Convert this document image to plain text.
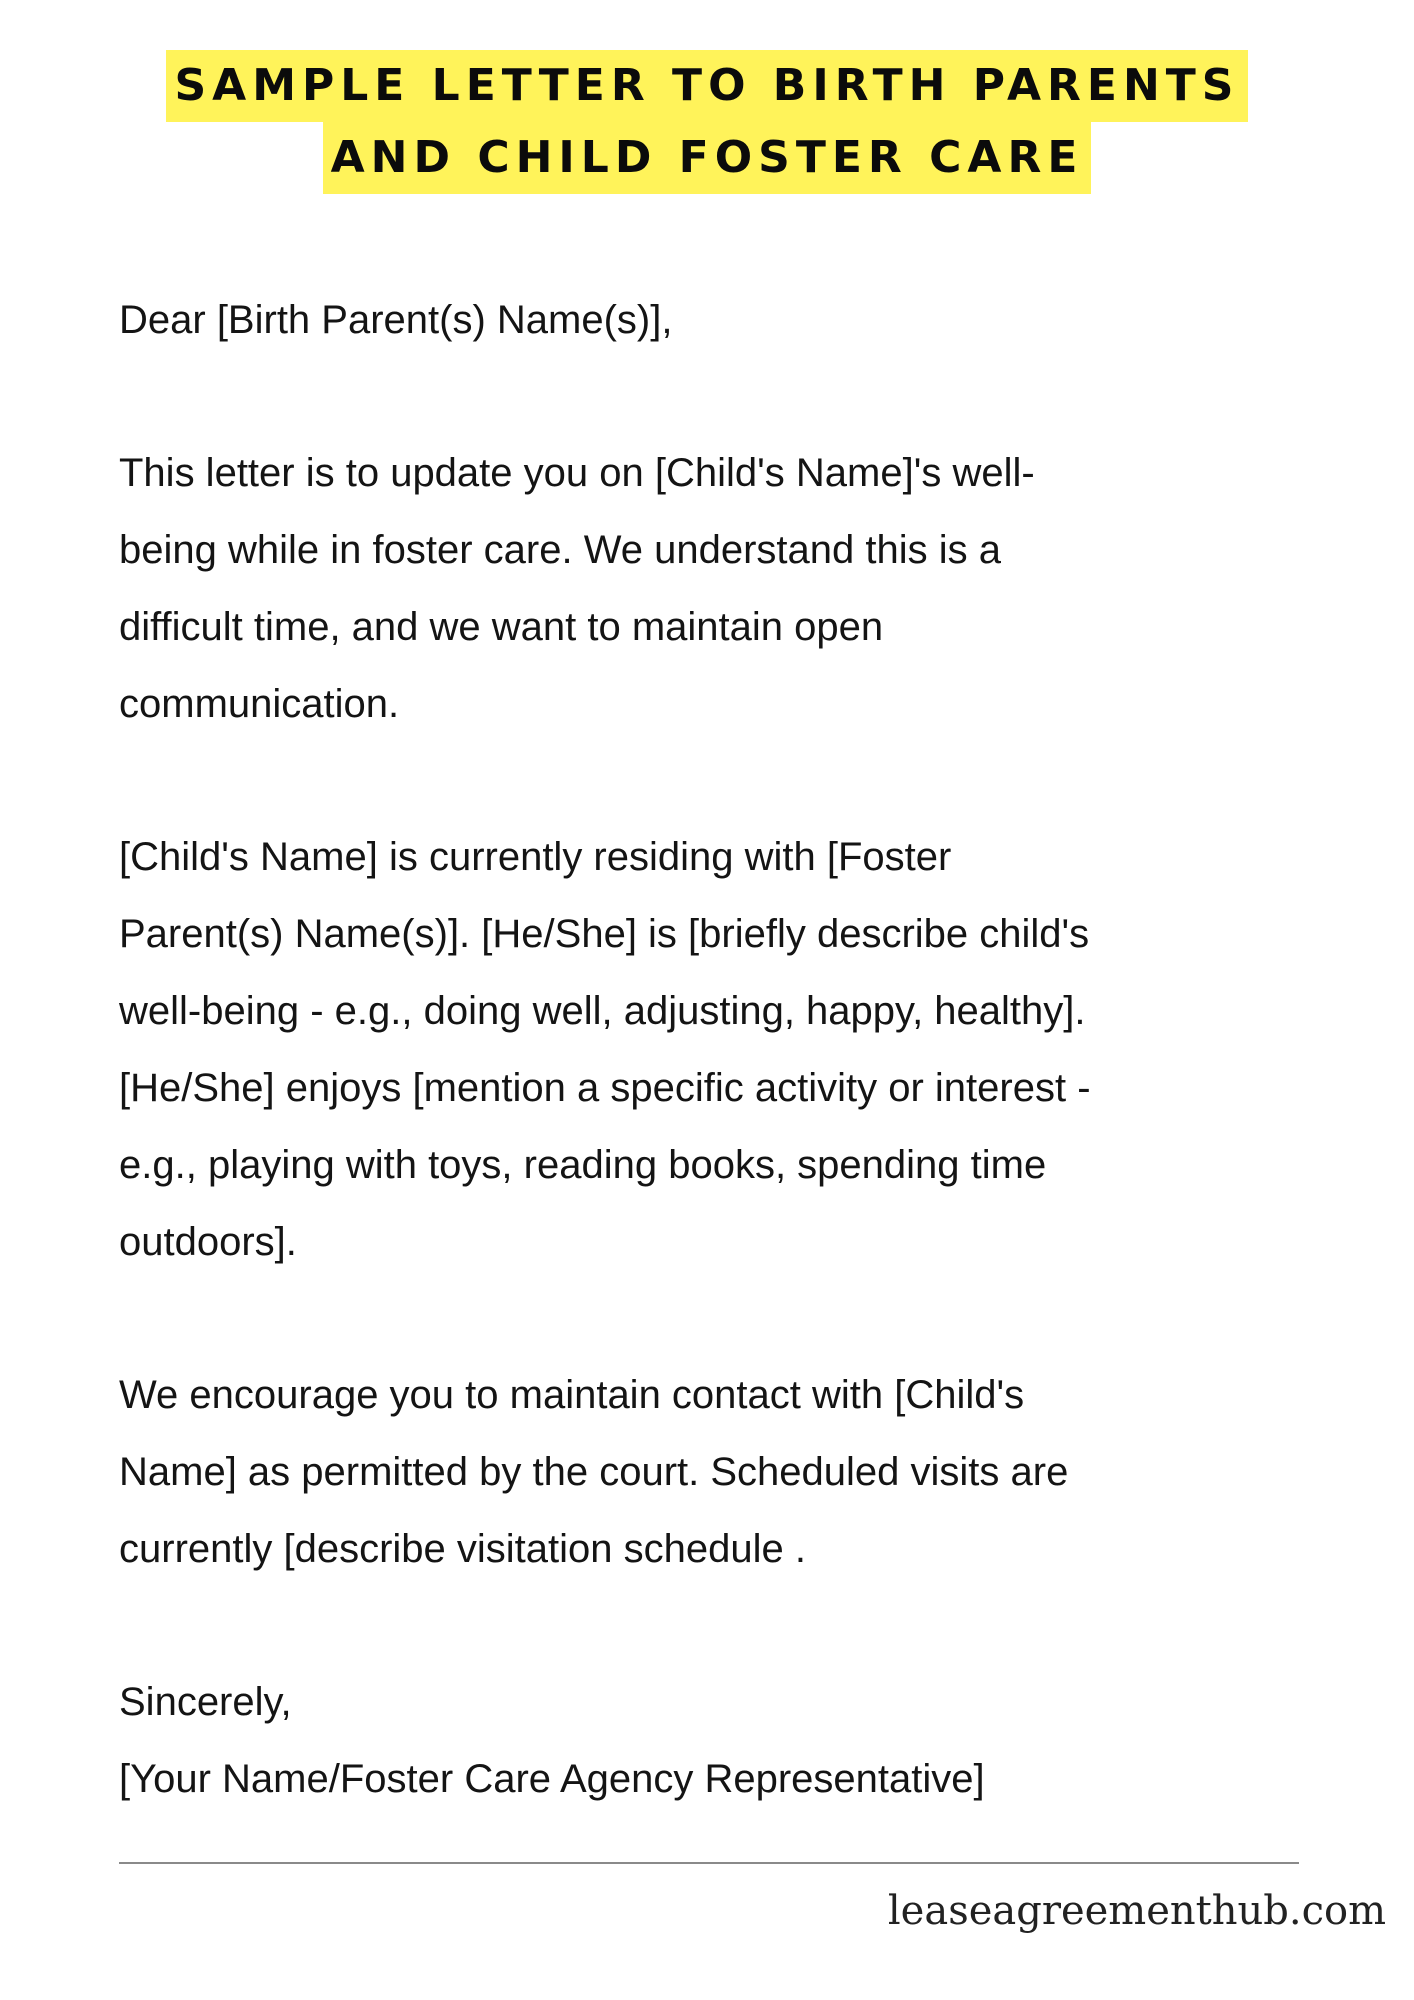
SAMPLE LETTER TO BIRTH PARENTS
AND CHILD FOSTER CARE

Dear [Birth Parent(s) Name(s)],

This letter is to update you on [Child's Name]'s well-
being while in foster care. We understand this is a
difficult time, and we want to maintain open
communication.

[Child's Name] is currently residing with [Foster
Parent(s) Name(s)]. [He/She] is [briefly describe child's
well-being - e.g., doing well, adjusting, happy, healthy].
[He/She] enjoys [mention a specific activity or interest -
e.g., playing with toys, reading books, spending time
outdoors].

We encourage you to maintain contact with [Child's
Name] as permitted by the court. Scheduled visits are
currently [describe visitation schedule .

Sincerely,
[Your Name/Foster Care Agency Representative]

leaseagreementhub.com
